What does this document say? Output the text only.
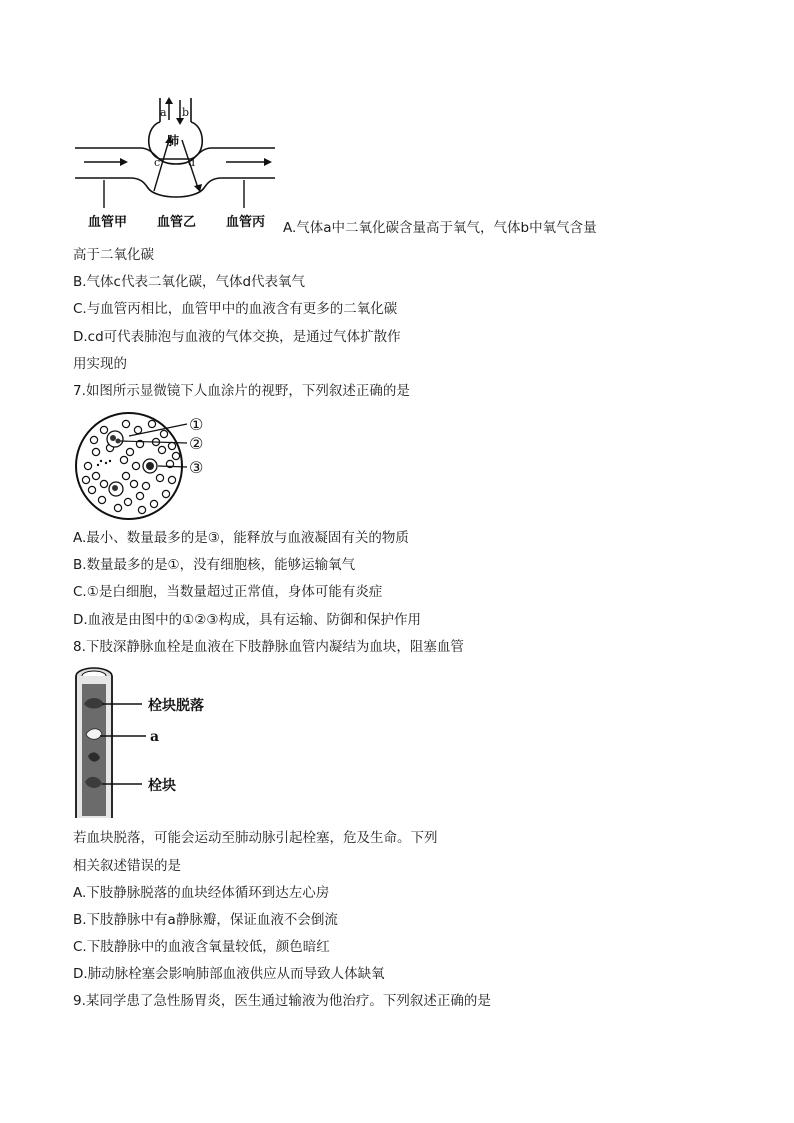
a b
c	d
肺
血管甲 血管乙 血管丙 A.气体a中二氧化碳含量高于氧气，气体b中氧气含量
高于二氧化碳
B.气体c代表二氧化碳，气体d代表氧气
C.与血管丙相比，血管甲中的血液含有更多的二氧化碳
D.cd可代表肺泡与血液的气体交换，是通过气体扩散作
用实现的
7.如图所示显微镜下人血涂片的视野，下列叙述正确的是
①
②
③
A.最小、数量最多的是③，能释放与血液凝固有关的物质
B.数量最多的是①，没有细胞核，能够运输氧气
C.①是白细胞，当数量超过正常值，身体可能有炎症
D.血液是由图中的①②③构成，具有运输、防御和保护作用
8.下肢深静脉血栓是血液在下肢静脉血管内凝结为血块，阻塞血管
栓块脱落
a
栓块
若血块脱落，可能会运动至肺动脉引起栓塞，危及生命。下列
相关叙述错误的是
A.下肢静脉脱落的血块经体循环到达左心房
B.下肢静脉中有a静脉瓣，保证血液不会倒流
C.下肢静脉中的血液含氧量较低，颜色暗红
D.肺动脉栓塞会影响肺部血液供应从而导致人体缺氧
9.某同学患了急性肠胃炎，医生通过输液为他治疗。下列叙述正确的是
